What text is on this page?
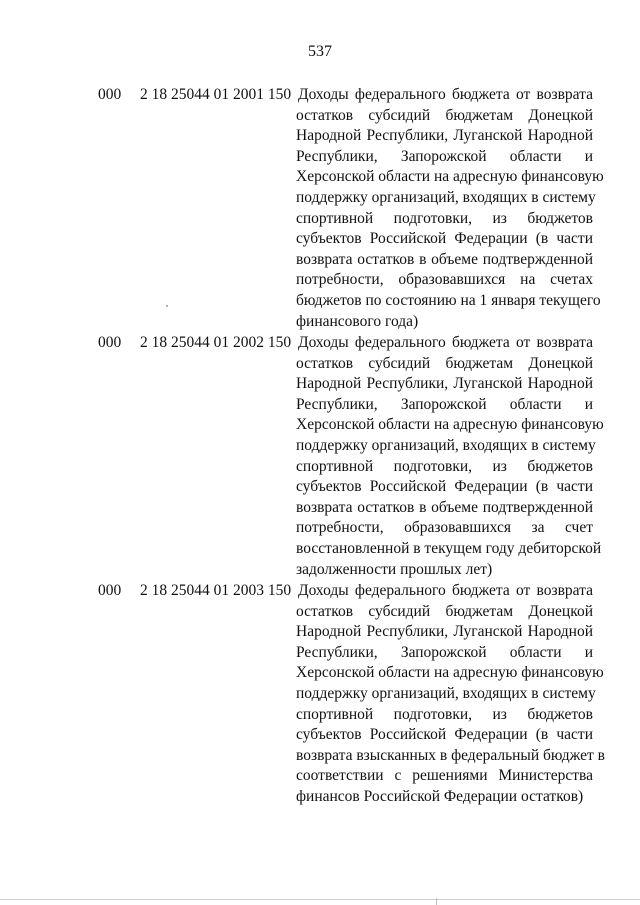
537
000 2 18 25044 01 2001 150 Доходы федерального бюджета от возврата
остатков субсидий бюджетам Донецкой
Народной Республики, Луганской Народной
Республики, Запорожской области и
Херсонской области на адресную финансовую
поддержку организаций, входящих в систему
спортивной подготовки, из бюджетов
субъектов Российской Федерации (в части
возврата остатков в объеме подтвержденной
потребности, образовавшихся на счетах
бюджетов по состоянию на 1 января текущего
финансового года)
000 2 18 25044 01 2002 150 Доходы федерального бюджета от возврата
остатков субсидий бюджетам Донецкой
Народной Республики, Луганской Народной
Республики, Запорожской области и
Херсонской области на адресную финансовую
поддержку организаций, входящих в систему
спортивной подготовки, из бюджетов
субъектов Российской Федерации (в части
возврата остатков в объеме подтвержденной
потребности, образовавшихся за счет
восстановленной в текущем году дебиторской
задолженности прошлых лет)
000 2 18 25044 01 2003 150 Доходы федерального бюджета от возврата
остатков субсидий бюджетам Донецкой
Народной Республики, Луганской Народной
Республики, Запорожской области и
Херсонской области на адресную финансовую
поддержку организаций, входящих в систему
спортивной подготовки, из бюджетов
субъектов Российской Федерации (в части
возврата взысканных в федеральный бюджет в
соответствии с решениями Министерства
финансов Российской Федерации остатков)
